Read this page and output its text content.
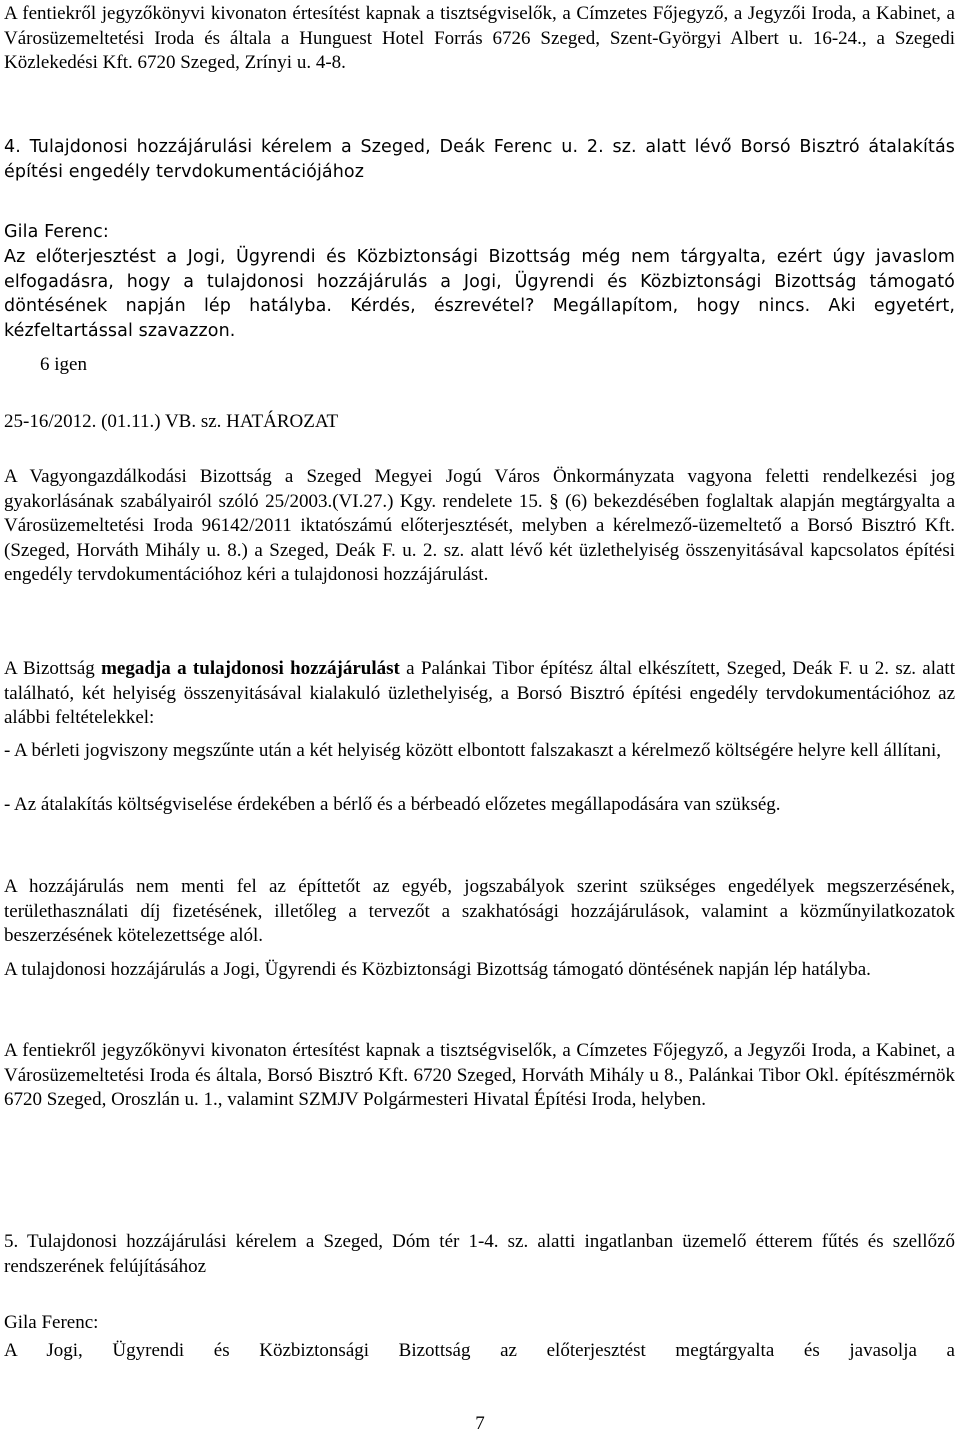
A fentiekről jegyzőkönyvi kivonaton értesítést kapnak a tisztségviselők, a Címzetes Főjegyző, a Jegyzői Iroda, a Kabinet, a Városüzemeltetési Iroda és általa a Hunguest Hotel Forrás 6726 Szeged, Szent-Györgyi Albert u. 16-24., a Szegedi Közlekedési Kft. 6720 Szeged, Zrínyi u. 4-8.
4. Tulajdonosi hozzájárulási kérelem a Szeged, Deák Ferenc u. 2. sz. alatt lévő Borsó Bisztró átalakítás építési engedély tervdokumentációjához
Gila Ferenc:
Az előterjesztést a Jogi, Ügyrendi és Közbiztonsági Bizottság még nem tárgyalta, ezért úgy javaslom elfogadásra, hogy a tulajdonosi hozzájárulás a Jogi, Ügyrendi és Közbiztonsági Bizottság támogató döntésének napján lép hatályba. Kérdés, észrevétel? Megállapítom, hogy nincs. Aki egyetért, kézfeltartással szavazzon.
6 igen
25-16/2012. (01.11.) VB. sz. HATÁROZAT
A Vagyongazdálkodási Bizottság a Szeged Megyei Jogú Város Önkormányzata vagyona feletti rendelkezési jog gyakorlásának szabályairól szóló 25/2003.(VI.27.) Kgy. rendelete 15. § (6) bekezdésében foglaltak alapján megtárgyalta a Városüzemeltetési Iroda 96142/2011 iktatószámú előterjesztését, melyben a kérelmező-üzemeltető a Borsó Bisztró Kft. (Szeged, Horváth Mihály u. 8.) a Szeged, Deák F. u. 2. sz. alatt lévő két üzlethelyiség összenyitásával kapcsolatos építési engedély tervdokumentációhoz kéri a tulajdonosi hozzájárulást.
A Bizottság megadja a tulajdonosi hozzájárulást a Palánkai Tibor építész által elkészített, Szeged, Deák F. u 2. sz. alatt található, két helyiség összenyitásával kialakuló üzlethelyiség, a Borsó Bisztró építési engedély tervdokumentációhoz az alábbi feltételekkel:
- A bérleti jogviszony megszűnte után a két helyiség között elbontott falszakaszt a kérelmező költségére helyre kell állítani,
- Az átalakítás költségviselése érdekében a bérlő és a bérbeadó előzetes megállapodására van szükség.
A hozzájárulás nem menti fel az építtetőt az egyéb, jogszabályok szerint szükséges engedélyek megszerzésének, területhasználati díj fizetésének, illetőleg a tervezőt a szakhatósági hozzájárulások, valamint a közműnyilatkozatok beszerzésének kötelezettsége alól.
A tulajdonosi hozzájárulás a Jogi, Ügyrendi és Közbiztonsági Bizottság támogató döntésének napján lép hatályba.
A fentiekről jegyzőkönyvi kivonaton értesítést kapnak a tisztségviselők, a Címzetes Főjegyző, a Jegyzői Iroda, a Kabinet, a Városüzemeltetési Iroda és általa, Borsó Bisztró Kft. 6720 Szeged, Horváth Mihály u 8., Palánkai Tibor Okl. építészmérnök 6720 Szeged, Oroszlán u. 1., valamint SZMJV Polgármesteri Hivatal Építési Iroda, helyben.
5. Tulajdonosi hozzájárulási kérelem a Szeged, Dóm tér 1-4. sz. alatti ingatlanban üzemelő étterem fűtés és szellőző rendszerének felújításához
Gila Ferenc:
A Jogi, Ügyrendi és Közbiztonsági Bizottság az előterjesztést megtárgyalta és javasolja a
7
